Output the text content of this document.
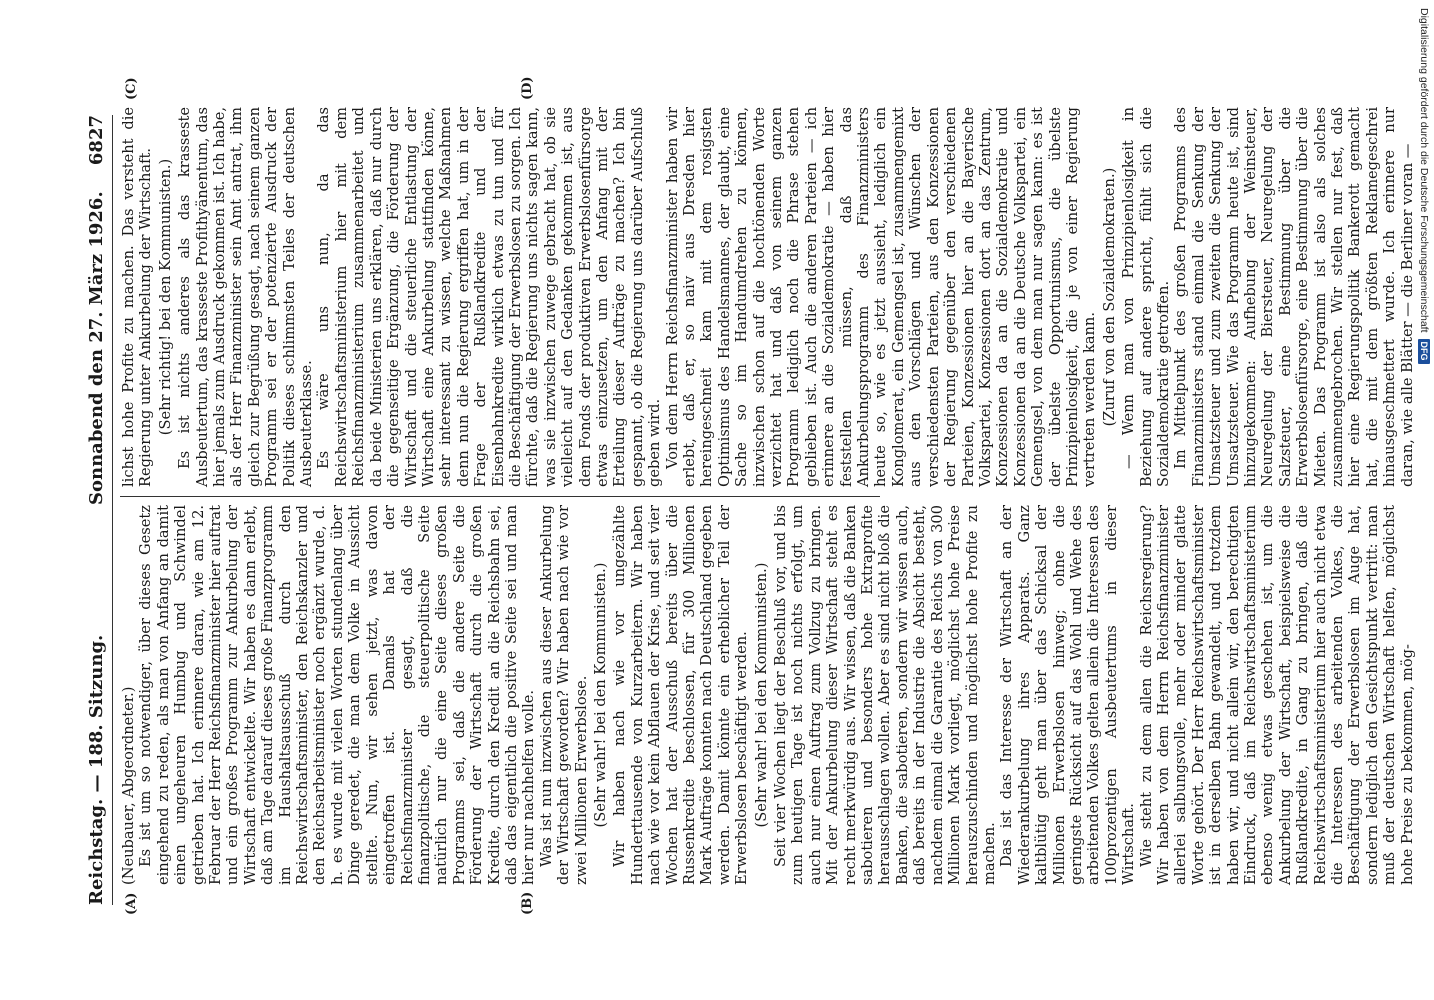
Reichstag. — 188. Sitzung.
Sonnabend den 27. März 1926.
6827
(A)	(B)
(C)	(D)

(Neubauer, Abgeordneter.) Es ist um so notwendiger, über dieses Gesetz eingehend zu reden, als man von Anfang an damit einen ungeheuren Humbug und Schwindel getrieben hat. Ich erinnere daran, wie am 12. Februar der Herr Reichsfinanzminister hier auftrat und ein großes Programm zur Ankurbelung der Wirtschaft entwickelte. Wir haben es dann erlebt, daß am Tage darauf dieses große Finanzprogramm im Haushaltsausschuß durch den Reichswirtschaftsminister, den Reichskanzler und den Reichsarbeitsminister noch ergänzt wurde, d. h. es wurde mit vielen Worten stundenlang über Dinge geredet, die man dem Volke in Aussicht stellte. Nun, wir sehen jetzt, was davon eingetroffen ist. Damals hat der Reichsfinanzminister gesagt, daß die finanzpolitische, die steuerpolitische Seite natürlich nur die eine Seite dieses großen Programms sei, daß die andere Seite die Förderung der Wirtschaft durch die großen Kredite, durch den Kredit an die Reichsbahn sei, daß das eigentlich die positive Seite sei und man hier nur nachhelfen wolle. Was ist nun inzwischen aus dieser Ankurbelung der Wirtschaft geworden? Wir haben nach wie vor zwei Millionen Erwerbslose. (Sehr wahr! bei den Kommunisten.) Wir haben nach wie vor ungezählte Hunderttausende von Kurzarbeitern. Wir haben nach wie vor kein Abflauen der Krise, und seit vier Wochen hat der Ausschuß bereits über die Russenkredite beschlossen, für 300 Millionen Mark Aufträge konnten nach Deutschland gegeben werden. Damit könnte ein erheblicher Teil der Erwerbslosen beschäftigt werden. (Sehr wahr! bei den Kommunisten.) Seit vier Wochen liegt der Beschluß vor, und bis zum heutigen Tage ist noch nichts erfolgt, um auch nur einen Auftrag zum Vollzug zu bringen. Mit der Ankurbelung dieser Wirtschaft steht es recht merkwürdig aus. Wir wissen, daß die Banken sabotieren und besonders hohe Extraprofite herausschlagen wollen. Aber es sind nicht bloß die Banken, die sabotieren, sondern wir wissen auch, daß bereits in der Industrie die Absicht besteht, nachdem einmal die Garantie des Reichs von 300 Millionen Mark vorliegt, möglichst hohe Preise herauszuschinden und möglichst hohe Profite zu machen. Das ist das Interesse der Wirtschaft an der Wiederankurbelung ihres Apparats. Ganz kaltblütig geht man über das Schicksal der Millionen Erwerbslosen hinweg; ohne die geringste Rücksicht auf das Wohl und Wehe des arbeitenden Volkes gelten allein die Interessen des 100prozentigen Ausbeutertums in dieser Wirtschaft. Wie steht zu dem allen die Reichsregierung? Wir haben von dem Herrn Reichsfinanzminister allerlei salbungsvolle, mehr oder minder glatte Worte gehört. Der Herr Reichswirtschaftsminister ist in derselben Bahn gewandelt, und trotzdem haben wir, und nicht allein wir, den berechtigten Eindruck, daß im Reichswirtschaftsministerium ebenso wenig etwas geschehen ist, um die Ankurbelung der Wirtschaft, beispielsweise die Rußlandkredite, in Gang zu bringen, daß die Reichswirtschaftsministerium hier auch nicht etwa die Interessen des arbeitenden Volkes, die Beschäftigung der Erwerbslosen im Auge hat, sondern lediglich den Gesichtspunkt vertritt: man muß der deutschen Wirtschaft helfen, möglichst hohe Preise zu bekommen, mög-

lichst hohe Profite zu machen. Das versteht die Regierung unter Ankurbelung der Wirtschaft. (Sehr richtig! bei den Kommunisten.) Es ist nichts anderes als das krasseste Ausbeutertum, das krasseste Profithyänentum, das hier jemals zum Ausdruck gekommen ist. Ich habe, als der Herr Finanzminister sein Amt antrat, ihm gleich zur Begrüßung gesagt, nach seinem ganzen Programm sei er der potenzierte Ausdruck der Politik dieses schlimmsten Teiles der deutschen Ausbeuterklasse. Es wäre uns nun, da das Reichswirtschaftsministerium hier mit dem Reichsfinanzministerium zusammenarbeitet und da beide Ministerien uns erklären, daß nur durch die gegenseitige Ergänzung, die Förderung der Wirtschaft und die steuerliche Entlastung der Wirtschaft eine Ankurbelung stattfinden könne, sehr interessant zu wissen, welche Maßnahmen denn nun die Regierung ergriffen hat, um in der Frage der Rußlandkredite und der Eisenbahnkredite wirklich etwas zu tun und für die Beschäftigung der Erwerbslosen zu sorgen. Ich fürchte, daß die Regierung uns nichts sagen kann, was sie inzwischen zuwege gebracht hat, ob sie vielleicht auf den Gedanken gekommen ist, aus dem Fonds der produktiven Erwerbslosenfürsorge etwas einzusetzen, um den Anfang mit der Erteilung dieser Aufträge zu machen? Ich bin gespannt, ob die Regierung uns darüber Aufschluß geben wird. Von dem Herrn Reichsfinanzminister haben wir erlebt, daß er, so naiv aus Dresden hier hereingeschneit kam mit dem rosigsten Optimismus des Handelsmannes, der glaubt, eine Sache so im Handumdrehen zu können, inzwischen schon auf die hochtönenden Worte verzichtet hat und daß von seinem ganzen Programm lediglich noch die Phrase stehen geblieben ist. Auch die anderen Parteien — ich erinnere an die Sozialdemokratie — haben hier feststellen müssen, daß das Ankurbelungsprogramm des Finanzministers heute so, wie es jetzt aussieht, lediglich ein Konglomerat, ein Gemengsel ist, zusammengemixt aus den Vorschlägen und Wünschen der verschiedensten Parteien, aus den Konzessionen der Regierung gegenüber den verschiedenen Parteien, Konzessionen hier an die Bayerische Volkspartei, Konzessionen dort an das Zentrum, Konzessionen da an die Sozialdemokratie und Konzessionen da an die Deutsche Volkspartei, ein Gemengsel, von dem man nur sagen kann: es ist der übelste Opportunismus, die übelste Prinzipienlosigkeit, die je von einer Regierung vertreten werden kann. (Zuruf von den Sozialdemokraten.) — Wenn man von Prinzipienlosigkeit in Beziehung auf andere spricht, fühlt sich die Sozialdemokratie getroffen. Im Mittelpunkt des großen Programms des Finanzministers stand einmal die Senkung der Umsatzsteuer und zum zweiten die Senkung der Umsatzsteuer. Wie das Programm heute ist, sind hinzugekommen: Aufhebung der Weinsteuer, Neuregelung der Biersteuer, Neuregelung der Salzsteuer, eine Bestimmung über die Erwerbslosenfürsorge, eine Bestimmung über die Mieten. Das Programm ist also als solches zusammengebrochen. Wir stellen nur fest, daß hier eine Regierungspolitik Bankerott gemacht hat, die mit dem größten Reklamegeschrei hinausgeschmettert wurde. Ich erinnere nur daran, wie alle Blätter — die Berliner voran — Digitalisierung gefördert durch die Deutsche Forschungsgemeinschaft
DFG
